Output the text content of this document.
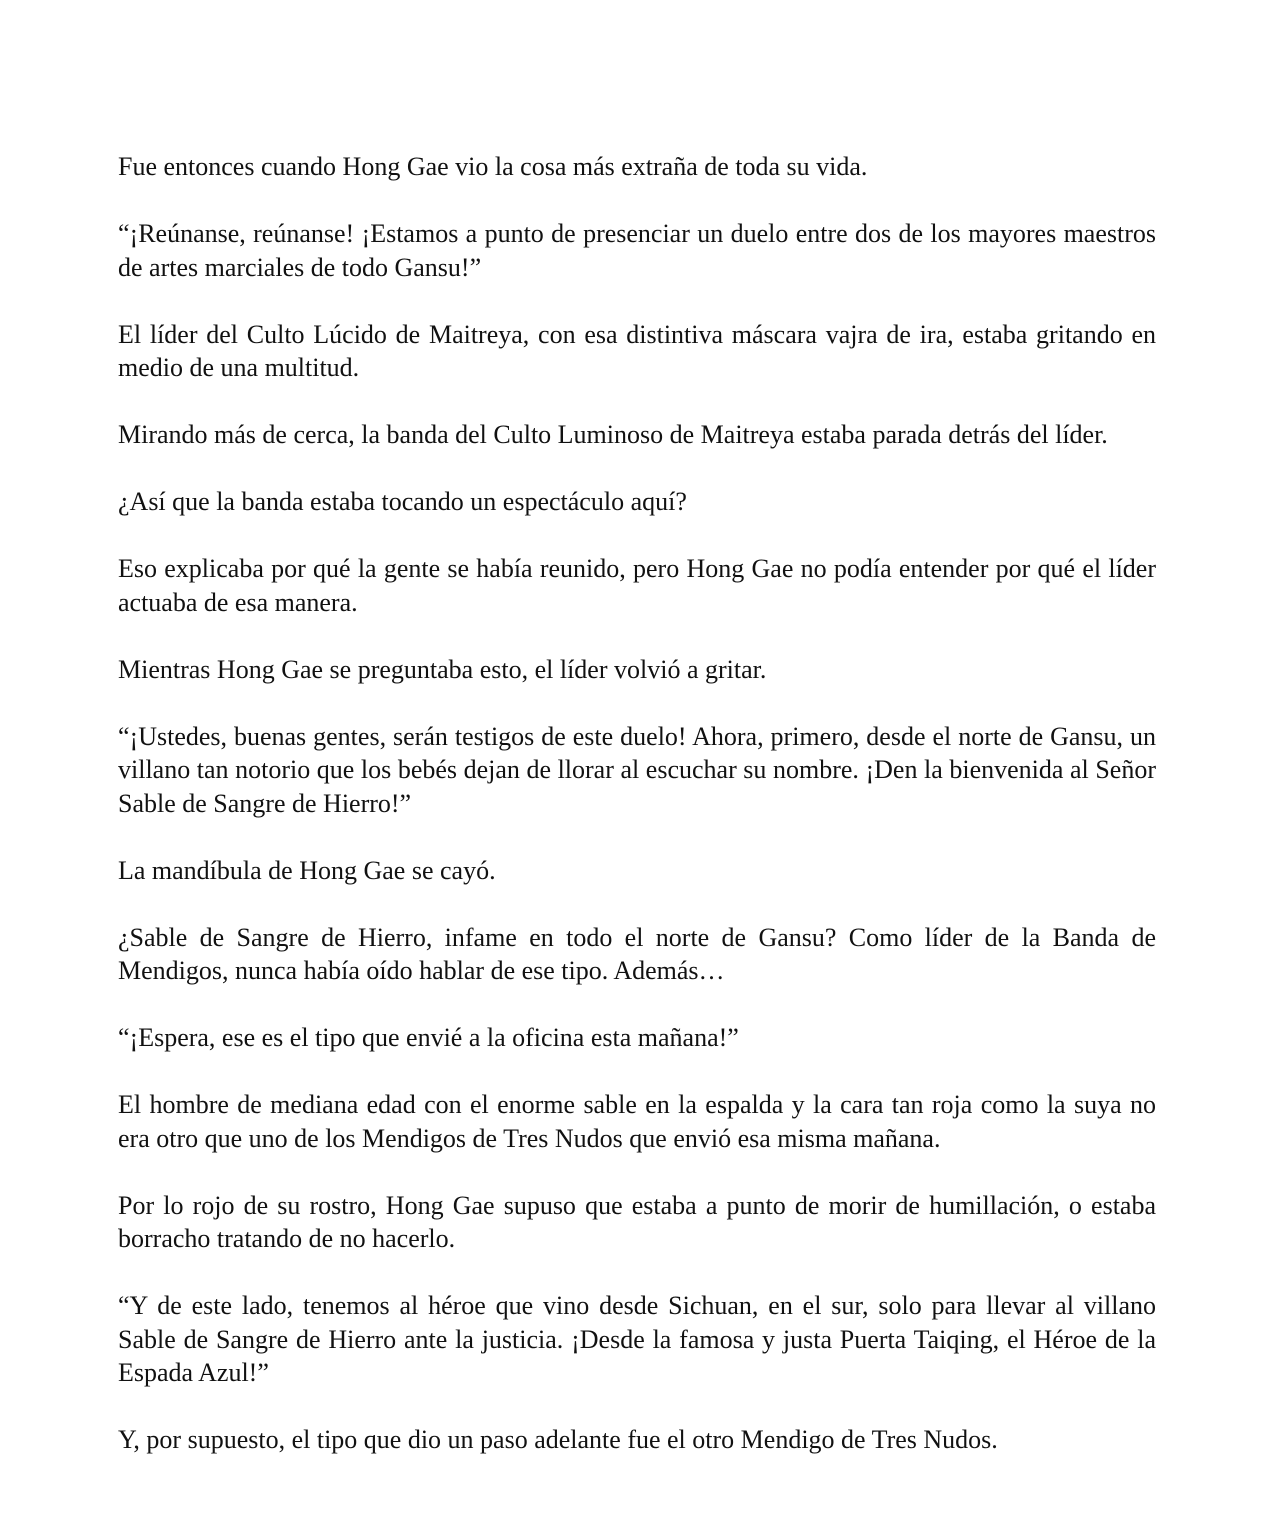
Fue entonces cuando Hong Gae vio la cosa más extraña de toda su vida.

“¡Reúnanse, reúnanse! ¡Estamos a punto de presenciar un duelo entre dos de los mayores maestros de artes marciales de todo Gansu!”

El líder del Culto Lúcido de Maitreya, con esa distintiva máscara vajra de ira, estaba gritando en medio de una multitud.

Mirando más de cerca, la banda del Culto Luminoso de Maitreya estaba parada detrás del líder.

¿Así que la banda estaba tocando un espectáculo aquí?

Eso explicaba por qué la gente se había reunido, pero Hong Gae no podía entender por qué el líder actuaba de esa manera.

Mientras Hong Gae se preguntaba esto, el líder volvió a gritar.

“¡Ustedes, buenas gentes, serán testigos de este duelo! Ahora, primero, desde el norte de Gansu, un villano tan notorio que los bebés dejan de llorar al escuchar su nombre. ¡Den la bienvenida al Señor Sable de Sangre de Hierro!”

La mandíbula de Hong Gae se cayó.

¿Sable de Sangre de Hierro, infame en todo el norte de Gansu? Como líder de la Banda de Mendigos, nunca había oído hablar de ese tipo. Además…

“¡Espera, ese es el tipo que envié a la oficina esta mañana!”

El hombre de mediana edad con el enorme sable en la espalda y la cara tan roja como la suya no era otro que uno de los Mendigos de Tres Nudos que envió esa misma mañana.

Por lo rojo de su rostro, Hong Gae supuso que estaba a punto de morir de humillación, o estaba borracho tratando de no hacerlo.

“Y de este lado, tenemos al héroe que vino desde Sichuan, en el sur, solo para llevar al villano Sable de Sangre de Hierro ante la justicia. ¡Desde la famosa y justa Puerta Taiqing, el Héroe de la Espada Azul!”

Y, por supuesto, el tipo que dio un paso adelante fue el otro Mendigo de Tres Nudos.
